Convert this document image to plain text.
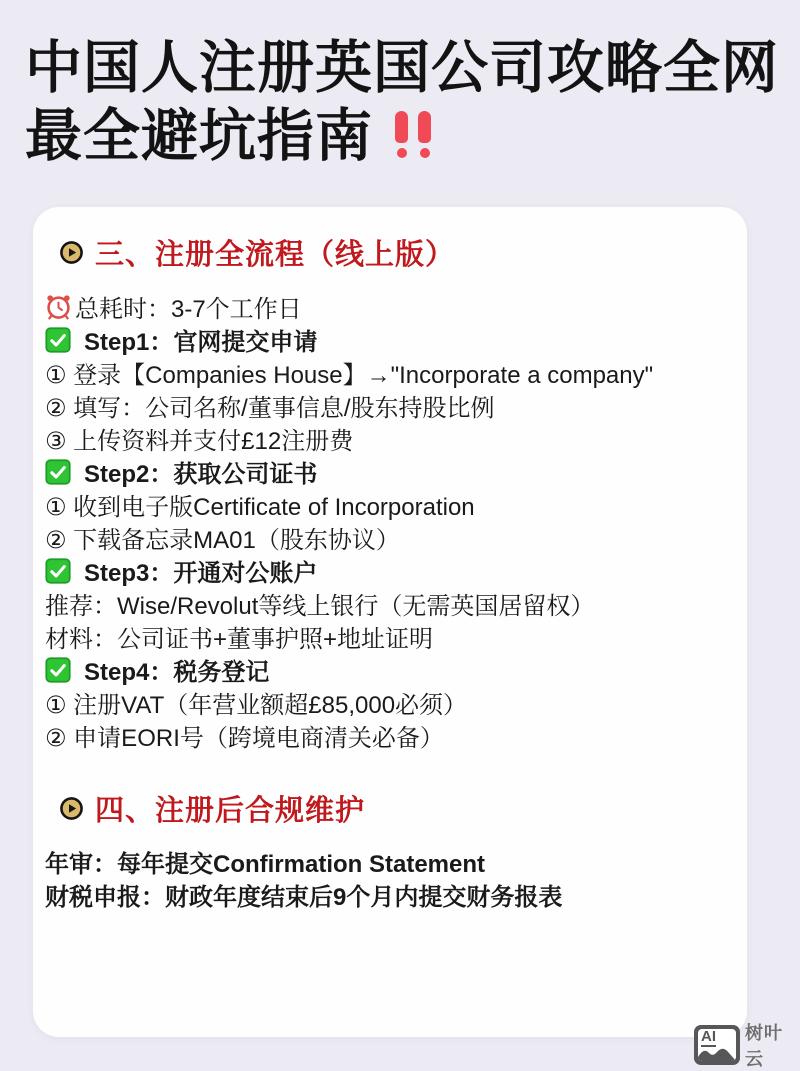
中国人注册英国公司攻略全网
最全避坑指南
三、注册全流程（线上版）
总耗时：3-7个工作日
Step1： 官网提交申请
① 登录【Companies House】→"Incorporate a company"
② 填写：公司名称/董事信息/股东持股比例
③ 上传资料并支付£12注册费
Step2： 获取公司证书
① 收到电子版Certificate of Incorporation
② 下载备忘录MA01（股东协议）
Step3： 开通对公账户
推荐：Wise/Revolut等线上银行（无需英国居留权）
材料：公司证书+董事护照+地址证明
Step4： 税务登记
① 注册VAT（年营业额超£85,000必须）
② 申请EORI号（跨境电商清关必备）
四、注册后合规维护
年审：每年提交Confirmation Statement
财税申报：财政年度结束后9个月内提交财务报表
AI 树叶云
